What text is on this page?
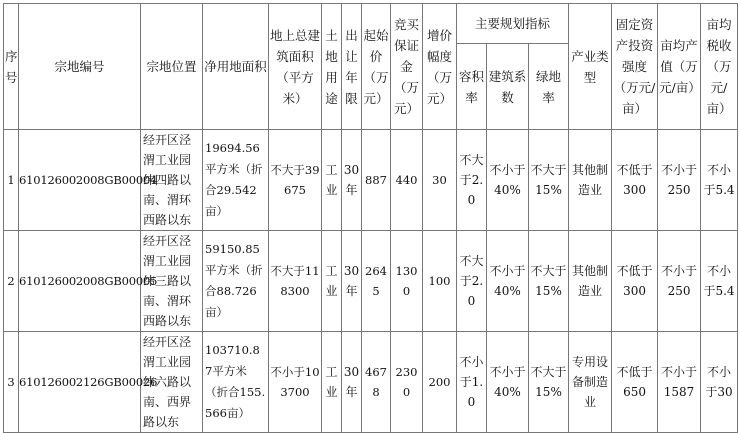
序号	宗地编号	宗地位置	净用地面积	地上总建筑面积（平方米）	土地用途	出让年限	起始价（万元）	竞买保证金（万元）	增价幅度（万元）	主要规划指标			产业类型	固定资产投资强度（万元/亩）	亩均产值（万元/亩）	亩均税收（万元/亩）
										容积率	建筑系数	绿地率				
1	610126002008GB00004	经开区泾渭工业园纬四路以南、渭环西路以东	19694.56平方米（折合29.542亩）	不大于39675	工业	30年	887	440	30	不大于2.0	不小于40%	不大于15%	其他制造业	不低于300	不小于250	不小于5.4
2	610126002008GB00005	经开区泾渭工业园纬三路以南、渭环西路以东	59150.85平方米（折合88.726亩）	不大于118300	工业	30年	2645	1300	100	不大于2.0	不小于40%	不大于15%	其他制造业	不低于300	不小于250	不小于5.4
3	610126002126GB00026	经开区泾渭工业园纬六路以南、西界路以东	103710.87平方米（折合155.566亩）	不小于103700	工业	30年	4678	2300	200	不小于1.0	不小于40%	不大于15%	专用设备制造业	不低于650	不小于1587	不小于30
